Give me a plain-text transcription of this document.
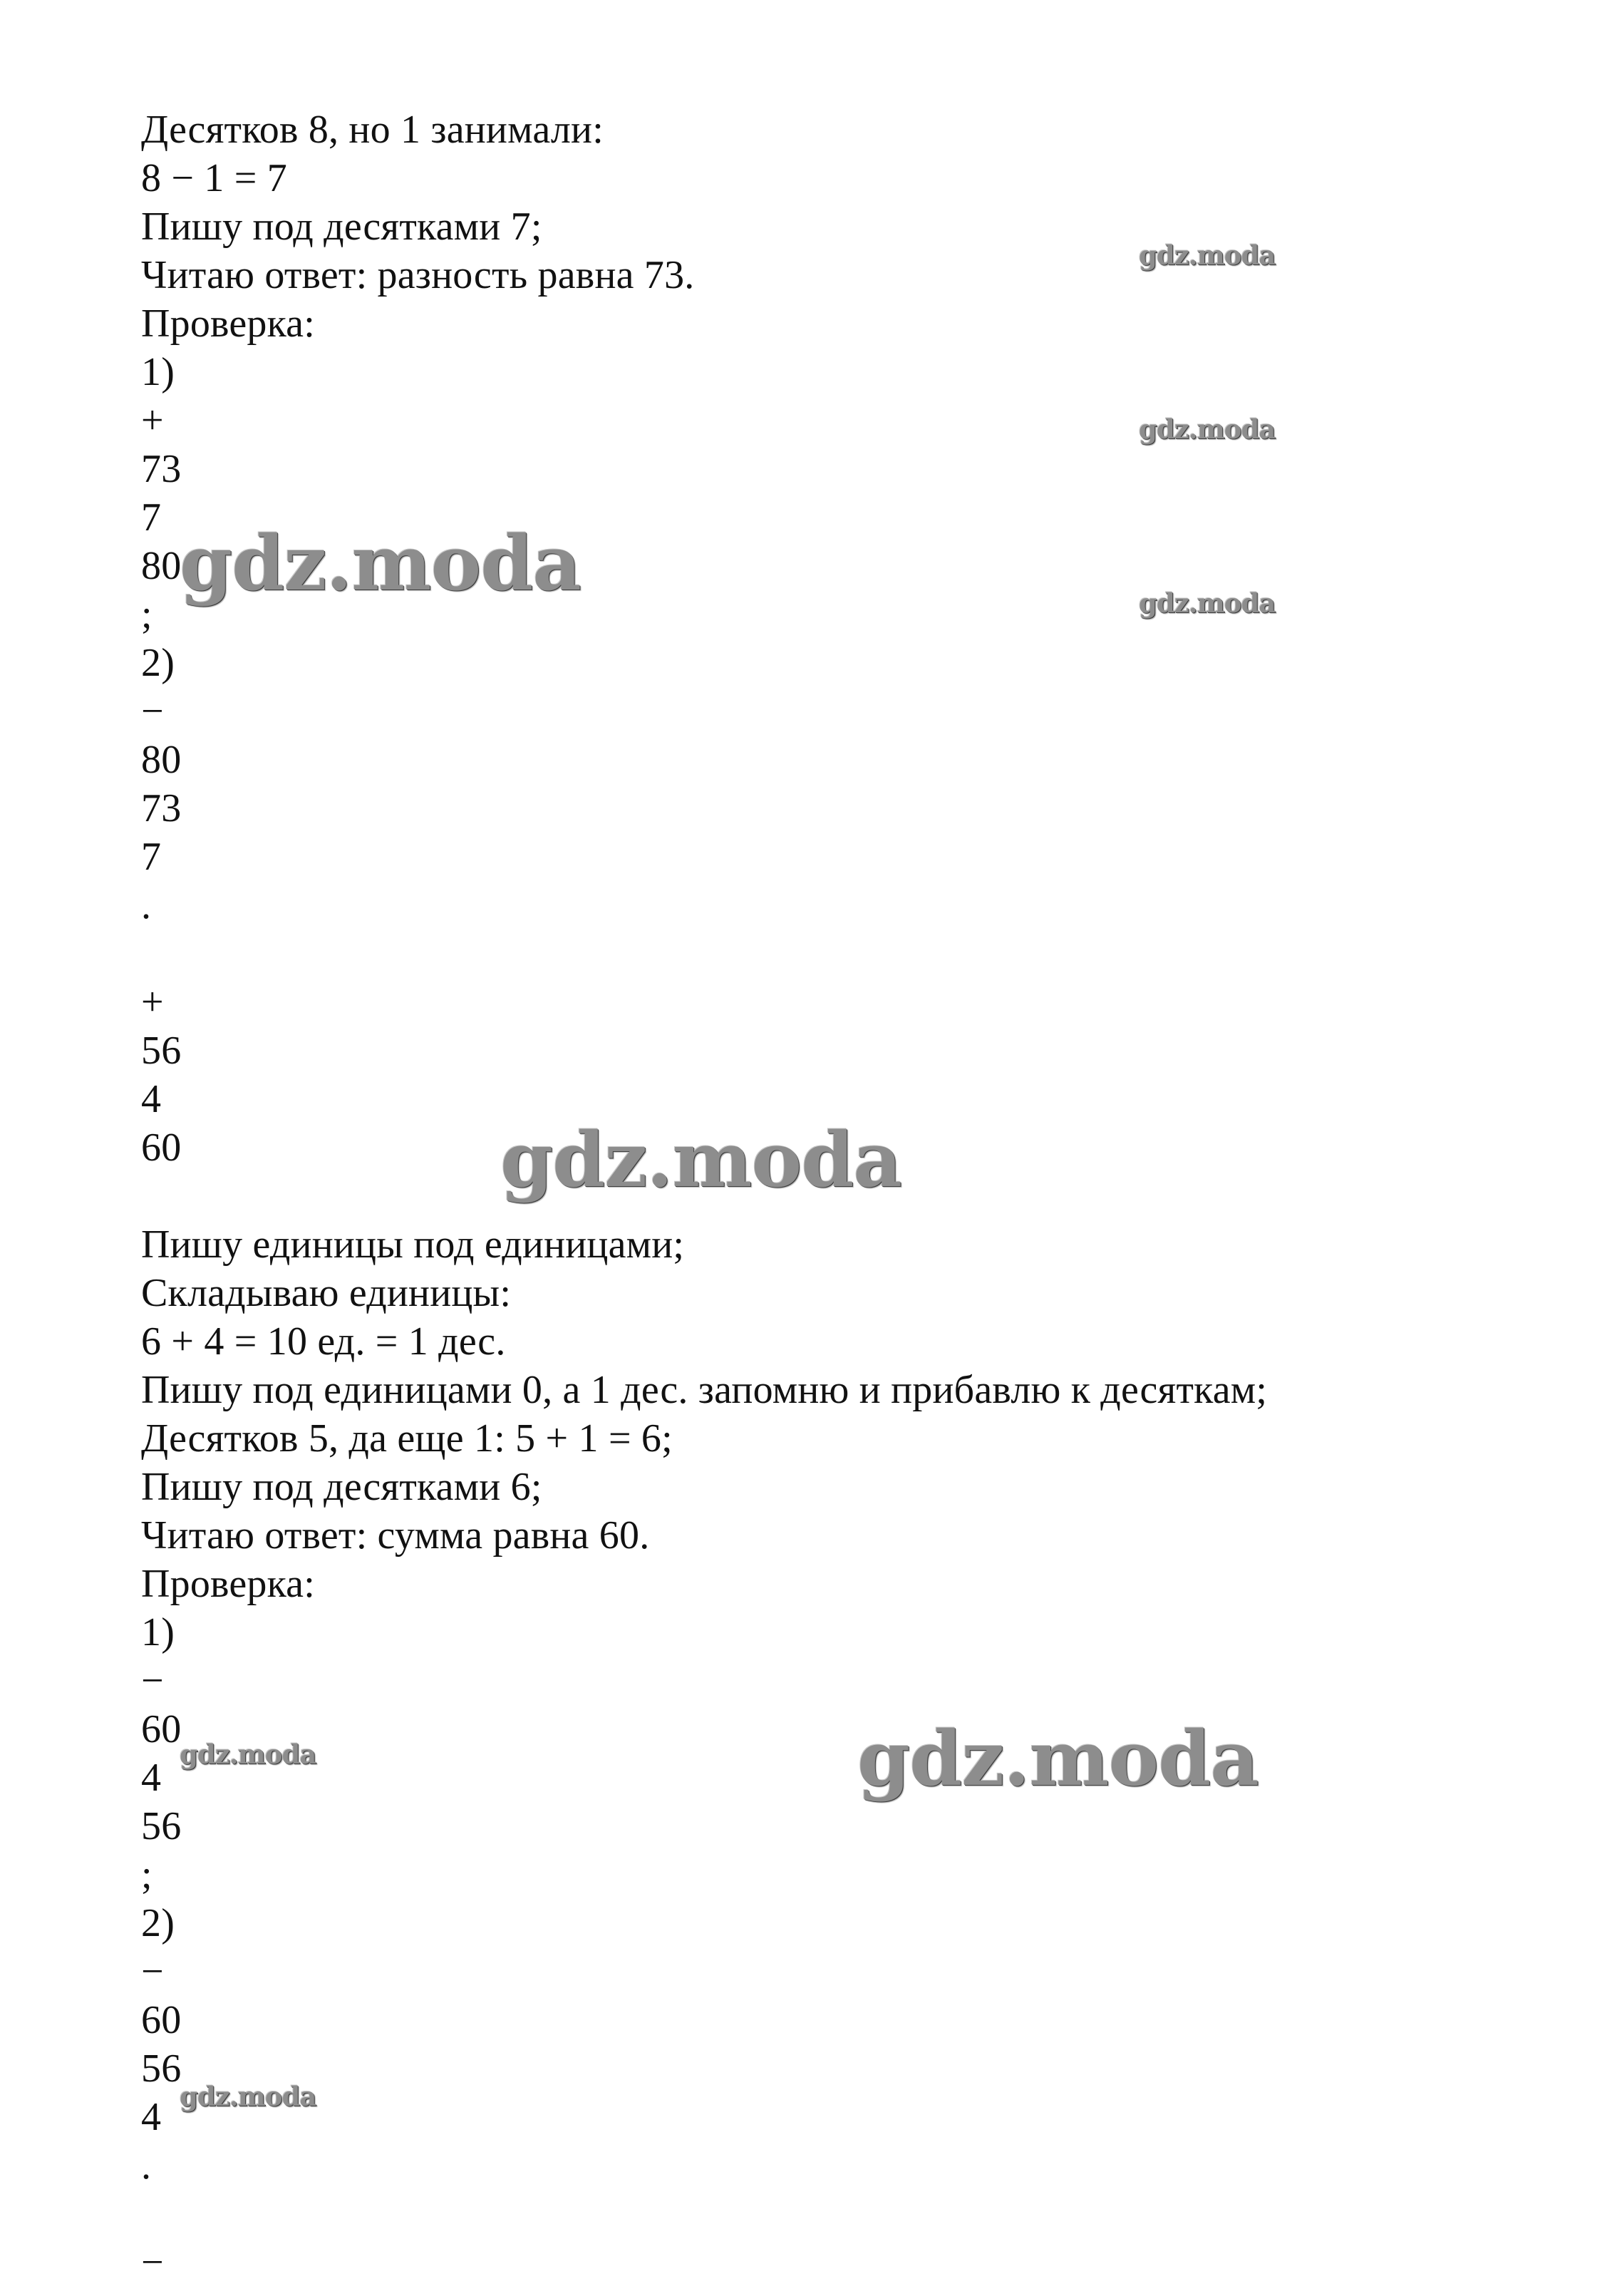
Десятков 8, но 1 занимали:
8 − 1 = 7
Пишу под десятками 7;
Читаю ответ: разность равна 73.
Проверка:
1)
+
73
7
80
;
2)
−
80
73
7
.
+
56
4
60
Пишу единицы под единицами;
Складываю единицы:
6 + 4 = 10 ед. = 1 дес.
Пишу под единицами 0, а 1 дес. запомню и прибавлю к десяткам;
Десятков 5, да еще 1: 5 + 1 = 6;
Пишу под десятками 6;
Читаю ответ: сумма равна 60.
Проверка:
1)
−
60
4
56
;
2)
−
60
56
4
.
−
gdz.moda
gdz.moda
gdz.moda
gdz.moda
gdz.moda
gdz.moda
gdz.moda
gdz.moda
